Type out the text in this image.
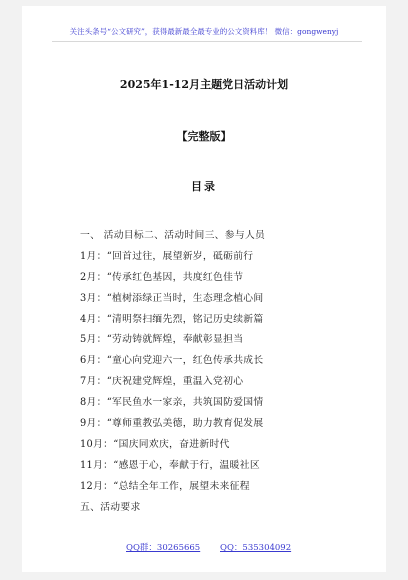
关注头条号“公文研究”，获得最新最全最专业的公文资料库！ 微信：gongwenyj
2025年1-12月主题党日活动计划
【完整版】
目录
一、 活动目标二、活动时间三、参与人员
1月：“回首过往，展望新岁，砥砺前行
2月：“传承红色基因，共度红色佳节
3月：“植树添绿正当时，生态理念植心间
4月：“清明祭扫缅先烈，铭记历史续新篇
5月：“劳动铸就辉煌，奉献彰显担当
6月：“童心向党迎六一，红色传承共成长
7月：“庆祝建党辉煌，重温入党初心
8月：“军民鱼水一家亲，共筑国防爱国情
9月：“尊师重教弘美德，助力教育促发展
10月：“国庆同欢庆，奋进新时代
11月：“感恩于心，奉献于行，温暖社区
12月：“总结全年工作，展望未来征程
五、活动要求
QQ群：30265665 QQ：535304092
